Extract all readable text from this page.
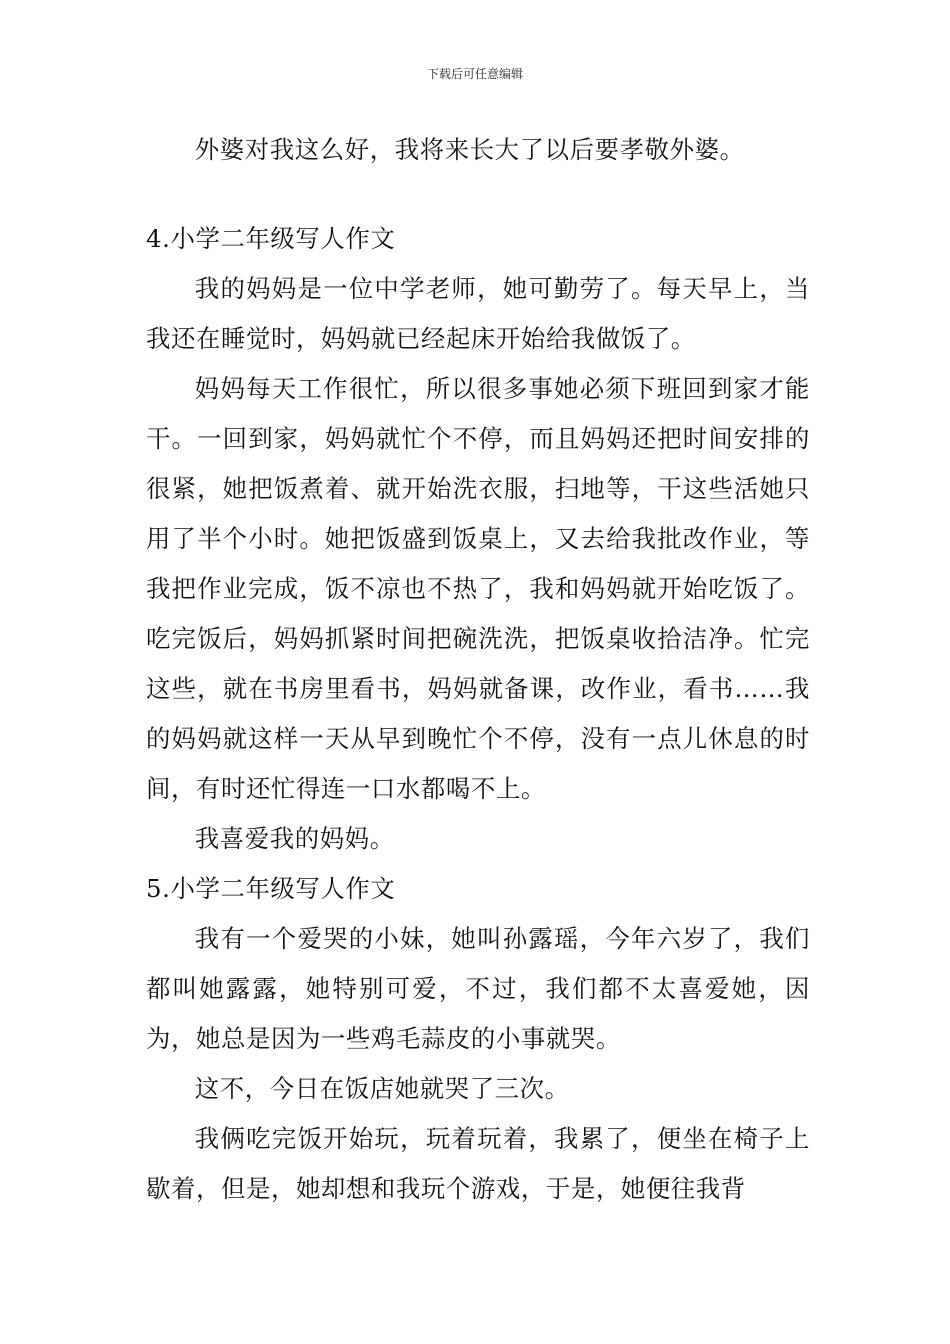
下载后可任意编辑

外婆对我这么好，我将来长大了以后要孝敬外婆。

4.小学二年级写人作文

我的妈妈是一位中学老师，她可勤劳了。每天早上，当我还在睡觉时，妈妈就已经起床开始给我做饭了。

妈妈每天工作很忙，所以很多事她必须下班回到家才能干。一回到家，妈妈就忙个不停，而且妈妈还把时间安排的很紧，她把饭煮着、就开始洗衣服，扫地等，干这些活她只用了半个小时。她把饭盛到饭桌上，又去给我批改作业，等我把作业完成，饭不凉也不热了，我和妈妈就开始吃饭了。吃完饭后，妈妈抓紧时间把碗洗洗，把饭桌收拾洁净。忙完这些，就在书房里看书，妈妈就备课，改作业，看书……我的妈妈就这样一天从早到晚忙个不停，没有一点儿休息的时间，有时还忙得连一口水都喝不上。

我喜爱我的妈妈。

5.小学二年级写人作文

我有一个爱哭的小妹，她叫孙露瑶，今年六岁了，我们都叫她露露，她特别可爱，不过，我们都不太喜爱她，因为，她总是因为一些鸡毛蒜皮的小事就哭。

这不，今日在饭店她就哭了三次。

我俩吃完饭开始玩，玩着玩着，我累了，便坐在椅子上歇着，但是，她却想和我玩个游戏，于是，她便往我背
